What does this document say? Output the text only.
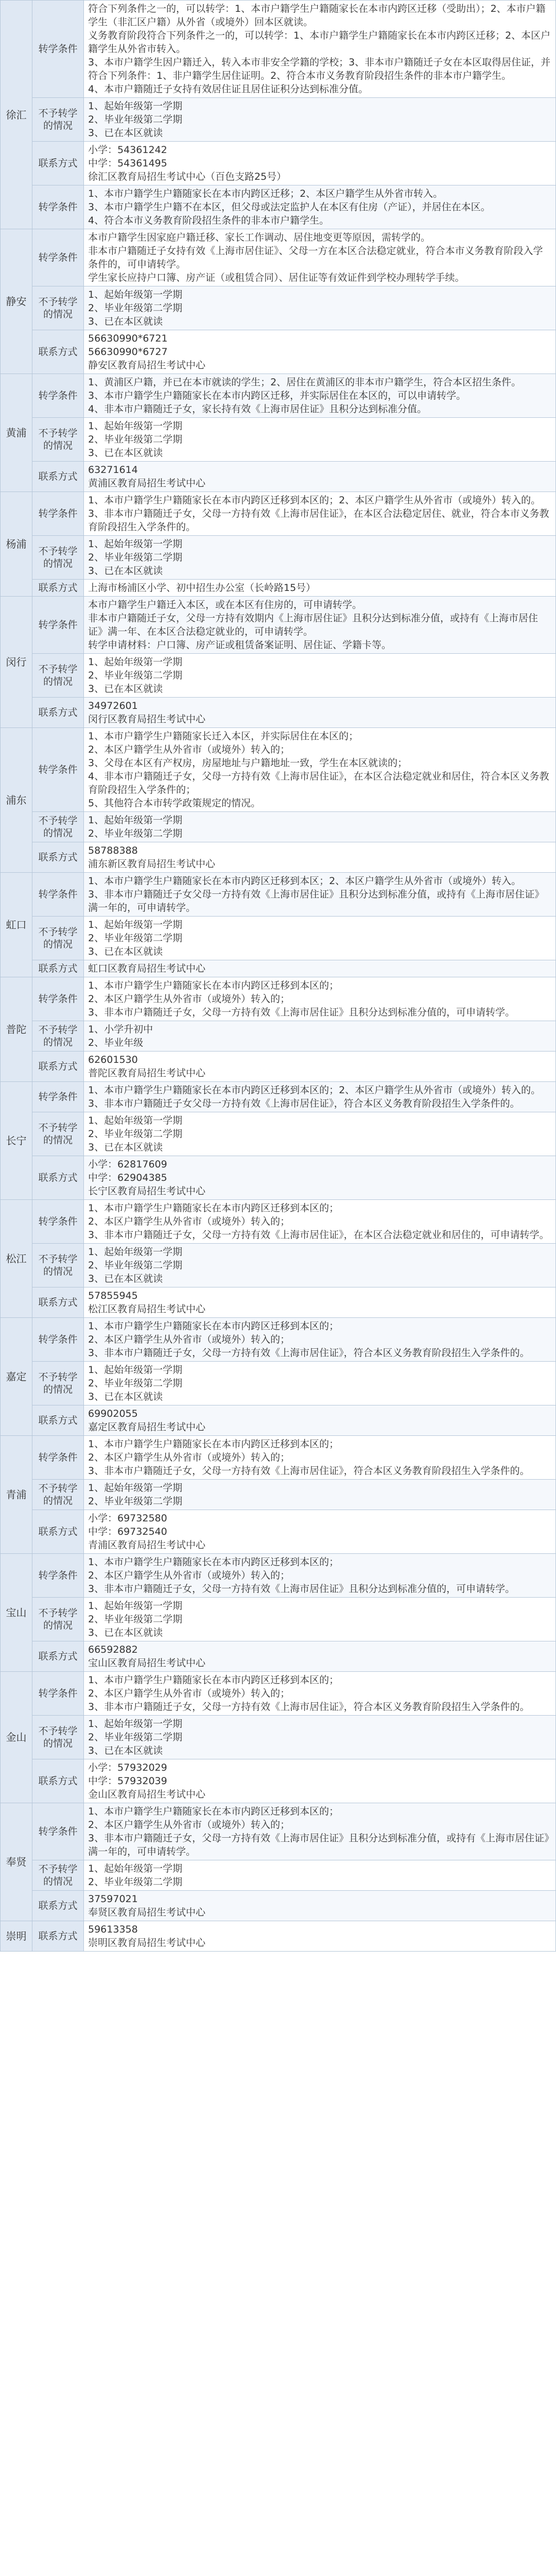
徐汇	转学条件	符合下列条件之一的，可以转学：1、本市户籍学生户籍随家长在本市内跨区迁移（受助出）；2、本市户籍学生（非汇区户籍）从外省（或境外）回本区就读。
义务教育阶段符合下列条件之一的，可以转学：1、本市户籍学生户籍随家长在本市内跨区迁移；2、本区户籍学生从外省市转入。
3、本市户籍学生因户籍迁入，转入本市非安全学籍的学校；3、非本市户籍随迁子女在本区取得居住证，并符合下列条件：1、非户籍学生居住证明。2、符合本市义务教育阶段招生条件的非本市户籍学生。
4、本市户籍随迁子女持有效居住证且居住证积分达到标准分值。

	不予转学的情况	1、起始年级第一学期
2、毕业年级第二学期
3、已在本区就读

	联系方式	小学：54361242
中学：54361495
徐汇区教育局招生考试中心（百色支路25号）

	转学条件	1、本市户籍学生户籍随家长在本市内跨区迁移；2、本区户籍学生从外省市转入。
3、本市户籍学生户籍不在本区，但父母或法定监护人在本区有住房（产证），并居住在本区。
4、符合本市义务教育阶段招生条件的非本市户籍学生。

静安	转学条件	本市户籍学生因家庭户籍迁移、家长工作调动、居住地变更等原因，需转学的。
非本市户籍随迁子女持有效《上海市居住证》、父母一方在本区合法稳定就业，符合本市义务教育阶段入学条件的，可申请转学。
学生家长应持户口簿、房产证（或租赁合同）、居住证等有效证件到学校办理转学手续。

	不予转学的情况	1、起始年级第一学期
2、毕业年级第二学期
3、已在本区就读

	联系方式	56630990*6721
56630990*6727
静安区教育局招生考试中心

黄浦	转学条件	1、黄浦区户籍，并已在本市就读的学生；2、居住在黄浦区的非本市户籍学生，符合本区招生条件。
3、本市户籍学生户籍随家长在本市内跨区迁移，并实际居住在本区的，可以申请转学。
4、非本市户籍随迁子女，家长持有效《上海市居住证》且积分达到标准分值。

	不予转学的情况	1、起始年级第一学期
2、毕业年级第二学期
3、已在本区就读

	联系方式	63271614
黄浦区教育局招生考试中心

杨浦	转学条件	1、本市户籍学生户籍随家长在本市内跨区迁移到本区的；2、本区户籍学生从外省市（或境外）转入的。
3、非本市户籍随迁子女，父母一方持有效《上海市居住证》，在本区合法稳定居住、就业，符合本市义务教育阶段招生入学条件的。

	不予转学的情况	1、起始年级第一学期
2、毕业年级第二学期
3、已在本区就读

	联系方式	上海市杨浦区小学、初中招生办公室（长岭路15号）

闵行	转学条件	本市户籍学生户籍迁入本区，或在本区有住房的，可申请转学。
非本市户籍随迁子女，父母一方持有效期内《上海市居住证》且积分达到标准分值，或持有《上海市居住证》满一年、在本区合法稳定就业的，可申请转学。
转学申请材料：户口簿、房产证或租赁备案证明、居住证、学籍卡等。

	不予转学的情况	1、起始年级第一学期
2、毕业年级第二学期
3、已在本区就读

	联系方式	34972601
闵行区教育局招生考试中心

浦东	转学条件	1、本市户籍学生户籍随家长迁入本区，并实际居住在本区的；
2、本区户籍学生从外省市（或境外）转入的；
3、父母在本区有产权房，房屋地址与户籍地址一致，学生在本区就读的；
4、非本市户籍随迁子女，父母一方持有效《上海市居住证》，在本区合法稳定就业和居住，符合本区义务教育阶段招生入学条件的；
5、其他符合本市转学政策规定的情况。

	不予转学的情况	1、起始年级第一学期
2、毕业年级第二学期

	联系方式	58788388
浦东新区教育局招生考试中心

虹口	转学条件	1、本市户籍学生户籍随家长在本市内跨区迁移到本区；2、本区户籍学生从外省市（或境外）转入。
3、非本市户籍随迁子女父母一方持有效《上海市居住证》且积分达到标准分值，或持有《上海市居住证》满一年的，可申请转学。

	不予转学的情况	1、起始年级第一学期
2、毕业年级第二学期
3、已在本区就读

	联系方式	虹口区教育局招生考试中心

普陀	转学条件	1、本市户籍学生户籍随家长在本市内跨区迁移到本区的；
2、本区户籍学生从外省市（或境外）转入的；
3、非本市户籍随迁子女，父母一方持有效《上海市居住证》且积分达到标准分值的，可申请转学。

	不予转学的情况	1、小学升初中
2、毕业年级

	联系方式	62601530
普陀区教育局招生考试中心

长宁	转学条件	1、本市户籍学生户籍随家长在本市内跨区迁移到本区的；2、本区户籍学生从外省市（或境外）转入的。
3、非本市户籍随迁子女父母一方持有效《上海市居住证》，符合本区义务教育阶段招生入学条件的。

	不予转学的情况	1、起始年级第一学期
2、毕业年级第二学期
3、已在本区就读

	联系方式	小学：62817609
中学：62904385
长宁区教育局招生考试中心

松江	转学条件	1、本市户籍学生户籍随家长在本市内跨区迁移到本区的；
2、本区户籍学生从外省市（或境外）转入的；
3、非本市户籍随迁子女，父母一方持有效《上海市居住证》，在本区合法稳定就业和居住的，可申请转学。

	不予转学的情况	1、起始年级第一学期
2、毕业年级第二学期
3、已在本区就读

	联系方式	57855945
松江区教育局招生考试中心

嘉定	转学条件	1、本市户籍学生户籍随家长在本市内跨区迁移到本区的；
2、本区户籍学生从外省市（或境外）转入的；
3、非本市户籍随迁子女，父母一方持有效《上海市居住证》，符合本区义务教育阶段招生入学条件的。

	不予转学的情况	1、起始年级第一学期
2、毕业年级第二学期
3、已在本区就读

	联系方式	69902055
嘉定区教育局招生考试中心

青浦	转学条件	1、本市户籍学生户籍随家长在本市内跨区迁移到本区的；
2、本区户籍学生从外省市（或境外）转入的；
3、非本市户籍随迁子女，父母一方持有效《上海市居住证》，符合本区义务教育阶段招生入学条件的。

	不予转学的情况	1、起始年级第一学期
2、毕业年级第二学期

	联系方式	小学：69732580
中学：69732540
青浦区教育局招生考试中心

宝山	转学条件	1、本市户籍学生户籍随家长在本市内跨区迁移到本区的；
2、本区户籍学生从外省市（或境外）转入的；
3、非本市户籍随迁子女，父母一方持有效《上海市居住证》且积分达到标准分值的，可申请转学。

	不予转学的情况	1、起始年级第一学期
2、毕业年级第二学期
3、已在本区就读

	联系方式	66592882
宝山区教育局招生考试中心

金山	转学条件	1、本市户籍学生户籍随家长在本市内跨区迁移到本区的；
2、本区户籍学生从外省市（或境外）转入的；
3、非本市户籍随迁子女，父母一方持有效《上海市居住证》，符合本区义务教育阶段招生入学条件的。

	不予转学的情况	1、起始年级第一学期
2、毕业年级第二学期
3、已在本区就读

	联系方式	小学：57932029
中学：57932039
金山区教育局招生考试中心

奉贤	转学条件	1、本市户籍学生户籍随家长在本市内跨区迁移到本区的；
2、本区户籍学生从外省市（或境外）转入的；
3、非本市户籍随迁子女，父母一方持有效《上海市居住证》且积分达到标准分值，或持有《上海市居住证》满一年的，可申请转学。

	不予转学的情况	1、起始年级第一学期
2、毕业年级第二学期

	联系方式	37597021
奉贤区教育局招生考试中心

崇明	联系方式	59613358
崇明区教育局招生考试中心
